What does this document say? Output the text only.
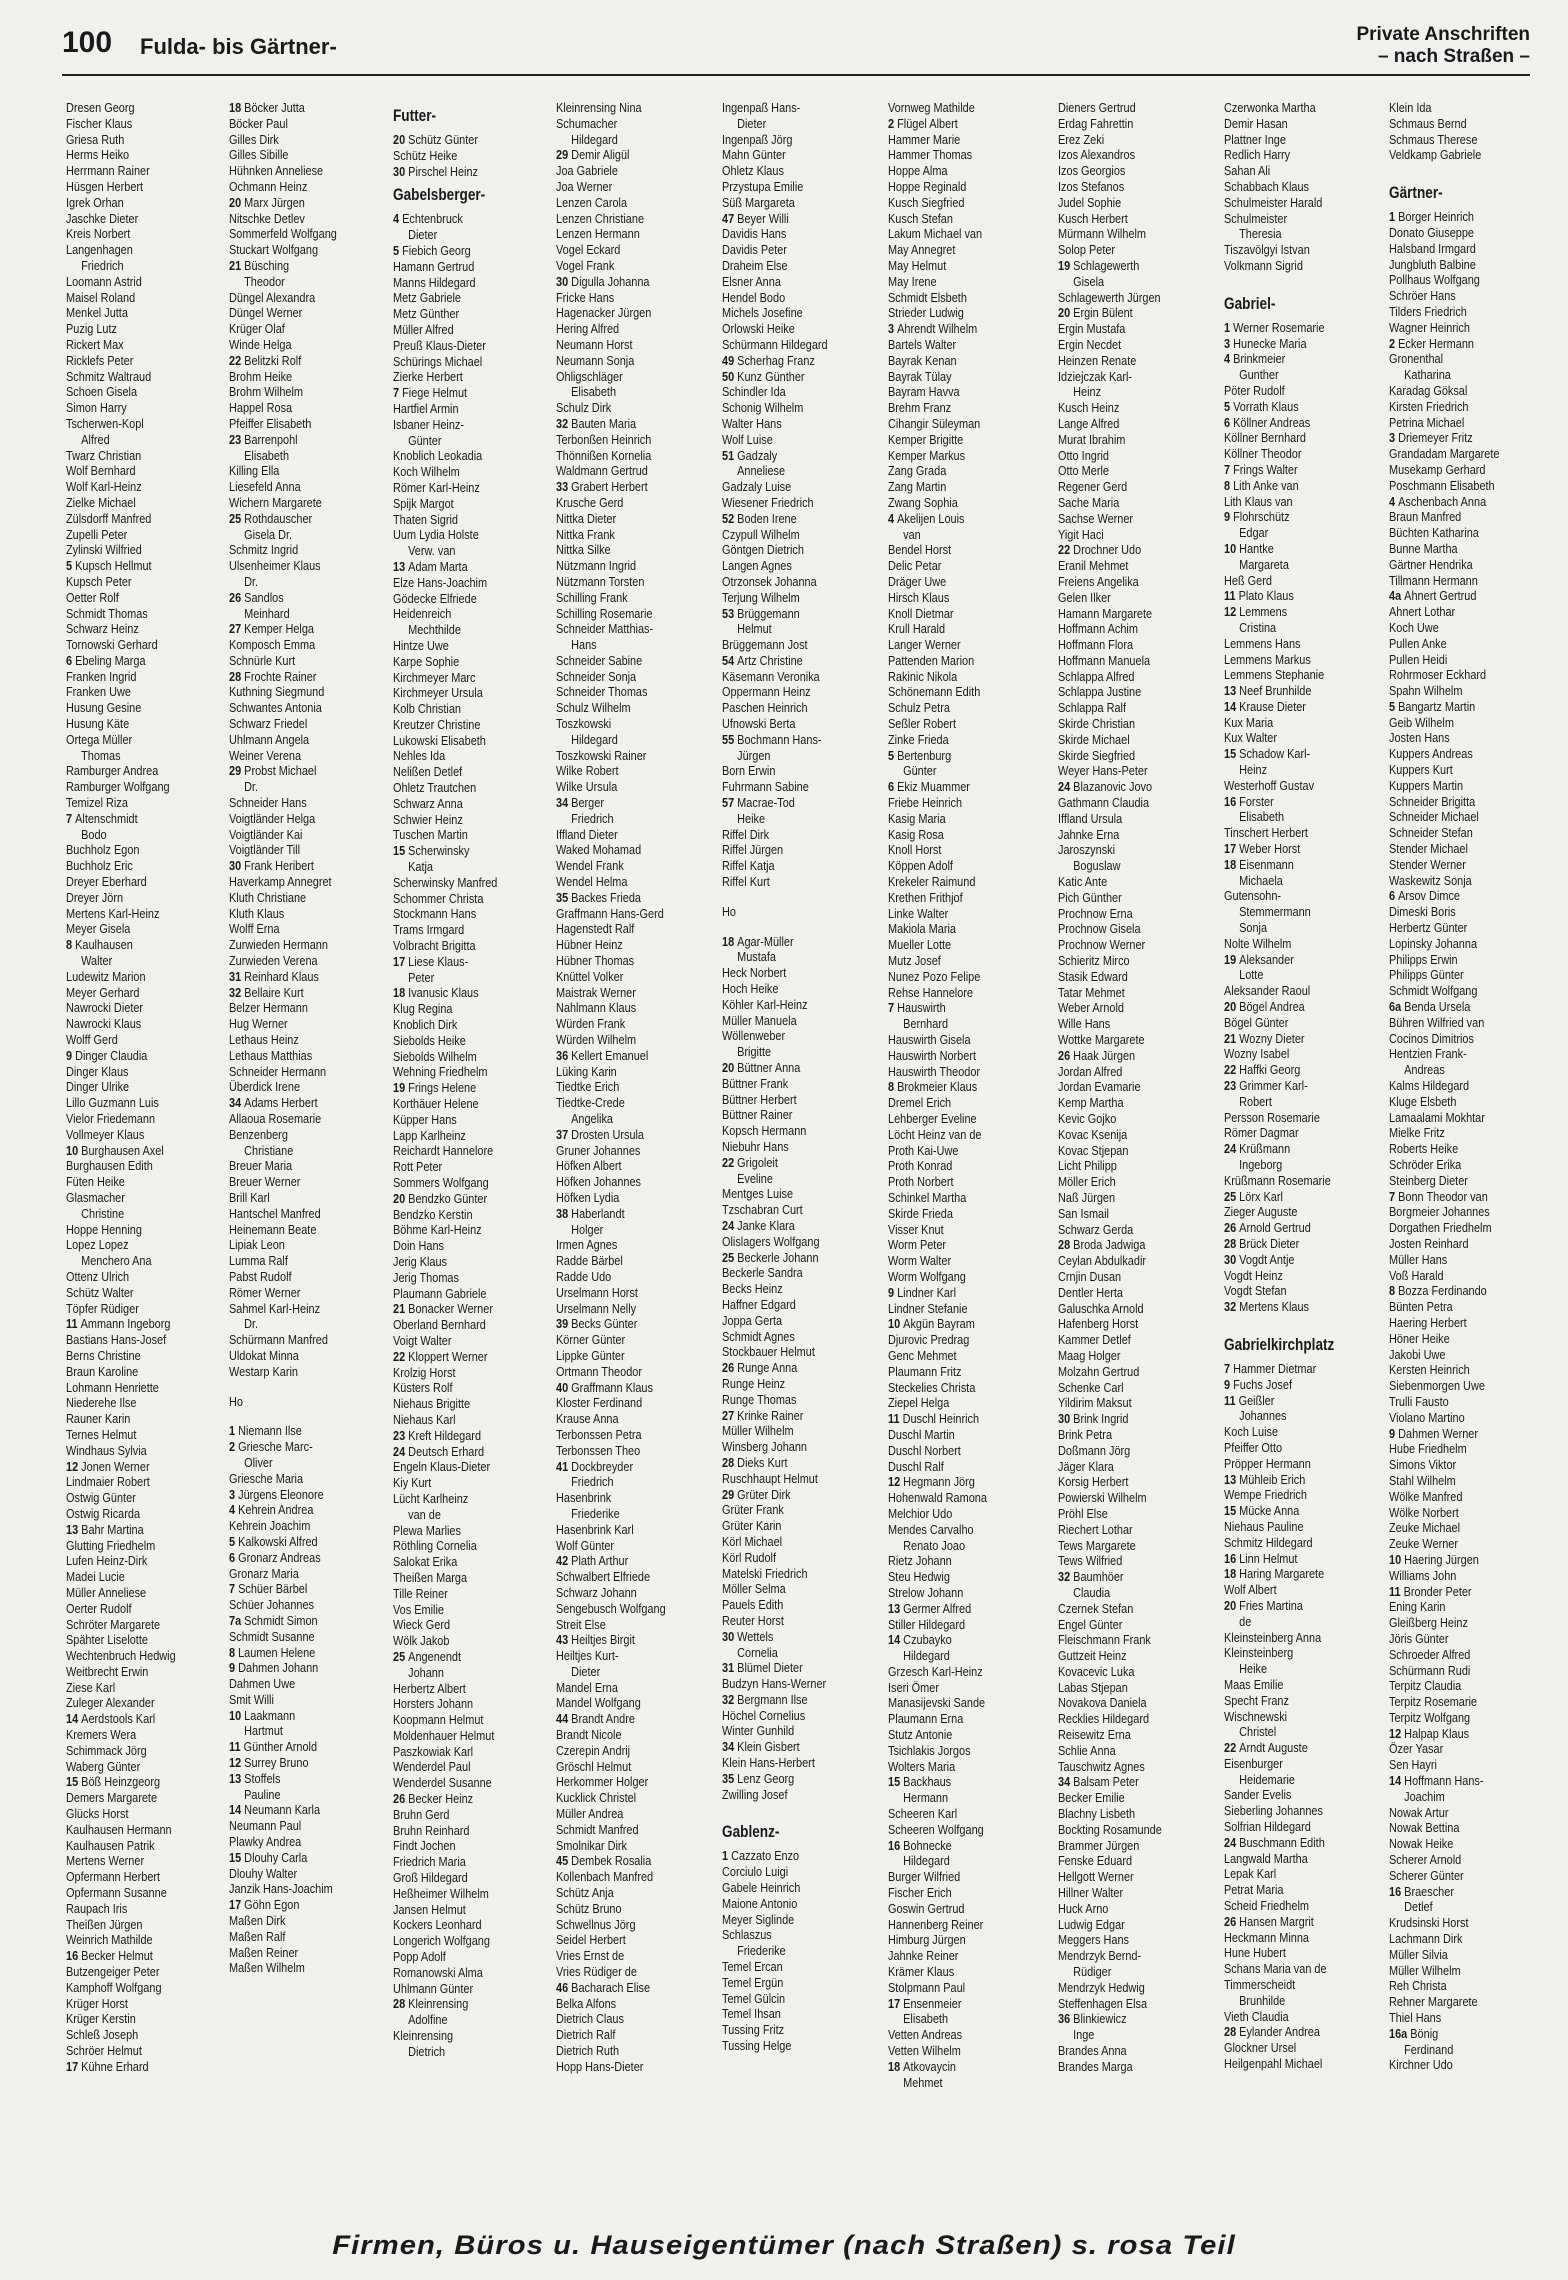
100 Fulda- bis Gärtner-	Private Anschriften
– nach Straßen –
Dresen Georg
Fischer Klaus
Griesa Ruth
Herms Heiko
Herrmann Rainer
Hüsgen Herbert
Igrek Orhan
Jaschke Dieter
Kreis Norbert
Langenhagen
Friedrich
Loomann Astrid
Maisel Roland
Menkel Jutta
Puzig Lutz
Rickert Max
Ricklefs Peter
Schmitz Waltraud
Schoen Gisela
Simon Harry
Tscherwen-Kopl
Alfred
Twarz Christian
Wolf Bernhard
Wolf Karl-Heinz
Zielke Michael
Zülsdorff Manfred
Zupelli Peter
Zylinski Wilfried
5 Kupsch Hellmut
Kupsch Peter
Oetter Rolf
Schmidt Thomas
Schwarz Heinz
Tornowski Gerhard
6 Ebeling Marga
Franken Ingrid
Franken Uwe
Husung Gesine
Husung Käte
Ortega Müller
Thomas
Ramburger Andrea
Ramburger Wolfgang
Temizel Riza
7 Altenschmidt
Bodo
Buchholz Egon
Buchholz Eric
Dreyer Eberhard
Dreyer Jörn
Mertens Karl-Heinz
Meyer Gisela
8 Kaulhausen
Walter
Ludewitz Marion
Meyer Gerhard
Nawrocki Dieter
Nawrocki Klaus
Wolff Gerd
9 Dinger Claudia
Dinger Klaus
Dinger Ulrike
Lillo Guzmann Luis
Vielor Friedemann
Vollmeyer Klaus
10 Burghausen Axel
Burghausen Edith
Füten Heike
Glasmacher
Christine
Hoppe Henning
Lopez Lopez
Menchero Ana
Ottenz Ulrich
Schütz Walter
Töpfer Rüdiger
11 Ammann Ingeborg
Bastians Hans-Josef
Berns Christine
Braun Karoline
Lohmann Henriette
Niederehe Ilse
Rauner Karin
Ternes Helmut
Windhaus Sylvia
12 Jonen Werner
Lindmaier Robert
Ostwig Günter
Ostwig Ricarda
13 Bahr Martina
Glutting Friedhelm
Lufen Heinz-Dirk
Madei Lucie
Müller Anneliese
Oerter Rudolf
Schröter Margarete
Spähter Liselotte
Wechtenbruch Hedwig
Weitbrecht Erwin
Ziese Karl
Zuleger Alexander
14 Aerdstools Karl
Kremers Wera
Schimmack Jörg
Waberg Günter
15 Böß Heinzgeorg
Demers Margarete
Glücks Horst
Kaulhausen Hermann
Kaulhausen Patrik
Mertens Werner
Opfermann Herbert
Opfermann Susanne
Raupach Iris
Theißen Jürgen
Weinrich Mathilde
16 Becker Helmut
Butzengeiger Peter
Kamphoff Wolfgang
Krüger Horst
Krüger Kerstin
Schleß Joseph
Schröer Helmut
17 Kühne Erhard
18 Böcker Jutta
Böcker Paul
Gilles Dirk
Gilles Sibille
Hühnken Anneliese
Ochmann Heinz
20 Marx Jürgen
Nitschke Detlev
Sommerfeld Wolfgang
Stuckart Wolfgang
21 Büsching
Theodor
Düngel Alexandra
Düngel Werner
Krüger Olaf
Winde Helga
22 Belitzki Rolf
Brohm Heike
Brohm Wilhelm
Happel Rosa
Pfeiffer Elisabeth
23 Barrenpohl
Elisabeth
Killing Ella
Liesefeld Anna
Wichern Margarete
25 Rothdauscher
Gisela Dr.
Schmitz Ingrid
Ulsenheimer Klaus
Dr.
26 Sandlos
Meinhard
27 Kemper Helga
Komposch Emma
Schnürle Kurt
28 Frochte Rainer
Kuthning Siegmund
Schwantes Antonia
Schwarz Friedel
Uhlmann Angela
Weiner Verena
29 Probst Michael
Dr.
Schneider Hans
Voigtländer Helga
Voigtländer Kai
Voigtländer Till
30 Frank Heribert
Haverkamp Annegret
Kluth Christiane
Kluth Klaus
Wolff Erna
Zurwieden Hermann
Zurwieden Verena
31 Reinhard Klaus
32 Bellaire Kurt
Belzer Hermann
Hug Werner
Lethaus Heinz
Lethaus Matthias
Schneider Hermann
Überdick Irene
34 Adams Herbert
Allaoua Rosemarie
Benzenberg
Christiane
Breuer Maria
Breuer Werner
Brill Karl
Hantschel Manfred
Heinemann Beate
Lipiak Leon
Lumma Ralf
Pabst Rudolf
Römer Werner
Sahmel Karl-Heinz
Dr.
Schürmann Manfred
Uldokat Minna
Westarp Karin
Ho
1 Niemann Ilse
2 Griesche Marc-
Oliver
Griesche Maria
3 Jürgens Eleonore
4 Kehrein Andrea
Kehrein Joachim
5 Kalkowski Alfred
6 Gronarz Andreas
Gronarz Maria
7 Schüer Bärbel
Schüer Johannes
7a Schmidt Simon
Schmidt Susanne
8 Laumen Helene
9 Dahmen Johann
Dahmen Uwe
Smit Willi
10 Laakmann
Hartmut
11 Günther Arnold
12 Surrey Bruno
13 Stoffels
Pauline
14 Neumann Karla
Neumann Paul
Plawky Andrea
15 Dlouhy Carla
Dlouhy Walter
Janzik Hans-Joachim
17 Göhn Egon
Maßen Dirk
Maßen Ralf
Maßen Reiner
Maßen Wilhelm
Futter-
20 Schütz Günter
Schütz Heike
30 Pirschel Heinz
Gabelsberger-
4 Echtenbruck
Dieter
5 Fiebich Georg
Hamann Gertrud
Manns Hildegard
Metz Gabriele
Metz Günther
Müller Alfred
Preuß Klaus-Dieter
Schürings Michael
Zierke Herbert
7 Fiege Helmut
Hartfiel Armin
Isbaner Heinz-
Günter
Knoblich Leokadia
Koch Wilhelm
Römer Karl-Heinz
Spijk Margot
Thaten Sigrid
Uum Lydia Holste
Verw. van
13 Adam Marta
Elze Hans-Joachim
Gödecke Elfriede
Heidenreich
Mechthilde
Hintze Uwe
Karpe Sophie
Kirchmeyer Marc
Kirchmeyer Ursula
Kolb Christian
Kreutzer Christine
Lukowski Elisabeth
Nehles Ida
Nelißen Detlef
Ohletz Trautchen
Schwarz Anna
Schwier Heinz
Tuschen Martin
15 Scherwinsky
Katja
Scherwinsky Manfred
Schommer Christa
Stockmann Hans
Trams Irmgard
Volbracht Brigitta
17 Liese Klaus-
Peter
18 Ivanusic Klaus
Klug Regina
Knoblich Dirk
Siebolds Heike
Siebolds Wilhelm
Wehning Friedhelm
19 Frings Helene
Korthäuer Helene
Küpper Hans
Lapp Karlheinz
Reichardt Hannelore
Rott Peter
Sommers Wolfgang
20 Bendzko Günter
Bendzko Kerstin
Böhme Karl-Heinz
Doin Hans
Jerig Klaus
Jerig Thomas
Plaumann Gabriele
21 Bonacker Werner
Oberland Bernhard
Voigt Walter
22 Kloppert Werner
Krolzig Horst
Küsters Rolf
Niehaus Brigitte
Niehaus Karl
23 Kreft Hildegard
24 Deutsch Erhard
Engeln Klaus-Dieter
Kiy Kurt
Lücht Karlheinz
van de
Plewa Marlies
Röthling Cornelia
Salokat Erika
Theißen Marga
Tille Reiner
Vos Emilie
Wieck Gerd
Wölk Jakob
25 Angenendt
Johann
Herbertz Albert
Horsters Johann
Koopmann Helmut
Moldenhauer Helmut
Paszkowiak Karl
Wenderdel Paul
Wenderdel Susanne
26 Becker Heinz
Bruhn Gerd
Bruhn Reinhard
Findt Jochen
Friedrich Maria
Groß Hildegard
Heßheimer Wilhelm
Jansen Helmut
Kockers Leonhard
Longerich Wolfgang
Popp Adolf
Romanowski Alma
Uhlmann Günter
28 Kleinrensing
Adolfine
Kleinrensing
Dietrich
Kleinrensing Nina
Schumacher
Hildegard
29 Demir Aligül
Joa Gabriele
Joa Werner
Lenzen Carola
Lenzen Christiane
Lenzen Hermann
Vogel Eckard
Vogel Frank
30 Digulla Johanna
Fricke Hans
Hagenacker Jürgen
Hering Alfred
Neumann Horst
Neumann Sonja
Ohligschläger
Elisabeth
Schulz Dirk
32 Bauten Maria
Terbonßen Heinrich
Thönnißen Kornelia
Waldmann Gertrud
33 Grabert Herbert
Krusche Gerd
Nittka Dieter
Nittka Frank
Nittka Silke
Nützmann Ingrid
Nützmann Torsten
Schilling Frank
Schilling Rosemarie
Schneider Matthias-
Hans
Schneider Sabine
Schneider Sonja
Schneider Thomas
Schulz Wilhelm
Toszkowski
Hildegard
Toszkowski Rainer
Wilke Robert
Wilke Ursula
34 Berger
Friedrich
Iffland Dieter
Waked Mohamad
Wendel Frank
Wendel Helma
35 Backes Frieda
Graffmann Hans-Gerd
Hagenstedt Ralf
Hübner Heinz
Hübner Thomas
Knüttel Volker
Maistrak Werner
Nahlmann Klaus
Würden Frank
Würden Wilhelm
36 Kellert Emanuel
Lüking Karin
Tiedtke Erich
Tiedtke-Crede
Angelika
37 Drosten Ursula
Gruner Johannes
Höfken Albert
Höfken Johannes
Höfken Lydia
38 Haberlandt
Holger
Irmen Agnes
Radde Bärbel
Radde Udo
Urselmann Horst
Urselmann Nelly
39 Becks Günter
Körner Günter
Lippke Günter
Ortmann Theodor
40 Graffmann Klaus
Kloster Ferdinand
Krause Anna
Terbonssen Petra
Terbonssen Theo
41 Dockbreyder
Friedrich
Hasenbrink
Friederike
Hasenbrink Karl
Wolf Günter
42 Plath Arthur
Schwalbert Elfriede
Schwarz Johann
Sengebusch Wolfgang
Streit Else
43 Heiltjes Birgit
Heiltjes Kurt-
Dieter
Mandel Erna
Mandel Wolfgang
44 Brandt Andre
Brandt Nicole
Czerepin Andrij
Gröschl Helmut
Herkommer Holger
Kucklick Christel
Müller Andrea
Schmidt Manfred
Smolnikar Dirk
45 Dembek Rosalia
Kollenbach Manfred
Schütz Anja
Schütz Bruno
Schwellnus Jörg
Seidel Herbert
Vries Ernst de
Vries Rüdiger de
46 Bacharach Elise
Belka Alfons
Dietrich Claus
Dietrich Ralf
Dietrich Ruth
Hopp Hans-Dieter
Ingenpaß Hans-
Dieter
Ingenpaß Jörg
Mahn Günter
Ohletz Klaus
Przystupa Emilie
Süß Margareta
47 Beyer Willi
Davidis Hans
Davidis Peter
Draheim Else
Elsner Anna
Hendel Bodo
Michels Josefine
Orlowski Heike
Schürmann Hildegard
49 Scherhag Franz
50 Kunz Günther
Schindler Ida
Schonig Wilhelm
Walter Hans
Wolf Luise
51 Gadzaly
Anneliese
Gadzaly Luise
Wiesener Friedrich
52 Boden Irene
Czypull Wilhelm
Göntgen Dietrich
Langen Agnes
Otrzonsek Johanna
Terjung Wilhelm
53 Brüggemann
Helmut
Brüggemann Jost
54 Artz Christine
Käsemann Veronika
Oppermann Heinz
Paschen Heinrich
Ufnowski Berta
55 Bochmann Hans-
Jürgen
Born Erwin
Fuhrmann Sabine
57 Macrae-Tod
Heike
Riffel Dirk
Riffel Jürgen
Riffel Katja
Riffel Kurt
Ho
18 Agar-Müller
Mustafa
Heck Norbert
Hoch Heike
Köhler Karl-Heinz
Müller Manuela
Wöllenweber
Brigitte
20 Büttner Anna
Büttner Frank
Büttner Herbert
Büttner Rainer
Kopsch Hermann
Niebuhr Hans
22 Grigoleit
Eveline
Mentges Luise
Tzschabran Curt
24 Janke Klara
Olislagers Wolfgang
25 Beckerle Johann
Beckerle Sandra
Becks Heinz
Haffner Edgard
Joppa Gerta
Schmidt Agnes
Stockbauer Helmut
26 Runge Anna
Runge Heinz
Runge Thomas
27 Krinke Rainer
Müller Wilhelm
Winsberg Johann
28 Dieks Kurt
Ruschhaupt Helmut
29 Grüter Dirk
Grüter Frank
Grüter Karin
Körl Michael
Körl Rudolf
Matelski Friedrich
Möller Selma
Pauels Edith
Reuter Horst
30 Wettels
Cornelia
31 Blümel Dieter
Budzyn Hans-Werner
32 Bergmann Ilse
Höchel Cornelius
Winter Gunhild
34 Klein Gisbert
Klein Hans-Herbert
35 Lenz Georg
Zwilling Josef
Gablenz-
1 Cazzato Enzo
Corciulo Luigi
Gabele Heinrich
Maione Antonio
Meyer Siglinde
Schlaszus
Friederike
Temel Ercan
Temel Ergün
Temel Gülcin
Temel Ihsan
Tussing Fritz
Tussing Helge
Vornweg Mathilde
2 Flügel Albert
Hammer Marie
Hammer Thomas
Hoppe Alma
Hoppe Reginald
Kusch Siegfried
Kusch Stefan
Lakum Michael van
May Annegret
May Helmut
May Irene
Schmidt Elsbeth
Strieder Ludwig
3 Ahrendt Wilhelm
Bartels Walter
Bayrak Kenan
Bayrak Tülay
Bayram Havva
Brehm Franz
Cihangir Süleyman
Kemper Brigitte
Kemper Markus
Zang Grada
Zang Martin
Zwang Sophia
4 Akelijen Louis
van
Bendel Horst
Delic Petar
Dräger Uwe
Hirsch Klaus
Knoll Dietmar
Krull Harald
Langer Werner
Pattenden Marion
Rakinic Nikola
Schönemann Edith
Schulz Petra
Seßler Robert
Zinke Frieda
5 Bertenburg
Günter
6 Ekiz Muammer
Friebe Heinrich
Kasig Maria
Kasig Rosa
Knoll Horst
Köppen Adolf
Krekeler Raimund
Krethen Frithjof
Linke Walter
Makiola Maria
Mueller Lotte
Mutz Josef
Nunez Pozo Felipe
Rehse Hannelore
7 Hauswirth
Bernhard
Hauswirth Gisela
Hauswirth Norbert
Hauswirth Theodor
8 Brokmeier Klaus
Dremel Erich
Lehberger Eveline
Löcht Heinz van de
Proth Kai-Uwe
Proth Konrad
Proth Norbert
Schinkel Martha
Skirde Frieda
Visser Knut
Worm Peter
Worm Walter
Worm Wolfgang
9 Lindner Karl
Lindner Stefanie
10 Akgün Bayram
Djurovic Predrag
Genc Mehmet
Plaumann Fritz
Steckelies Christa
Ziepel Helga
11 Duschl Heinrich
Duschl Martin
Duschl Norbert
Duschl Ralf
12 Hegmann Jörg
Hohenwald Ramona
Melchior Udo
Mendes Carvalho
Renato Joao
Rietz Johann
Steu Hedwig
Strelow Johann
13 Germer Alfred
Stiller Hildegard
14 Czubayko
Hildegard
Grzesch Karl-Heinz
Iseri Ömer
Manasijevski Sande
Plaumann Erna
Stutz Antonie
Tsichlakis Jorgos
Wolters Maria
15 Backhaus
Hermann
Scheeren Karl
Scheeren Wolfgang
16 Bohnecke
Hildegard
Burger Wilfried
Fischer Erich
Goswin Gertrud
Hannenberg Reiner
Himburg Jürgen
Jahnke Reiner
Krämer Klaus
Stolpmann Paul
17 Ensenmeier
Elisabeth
Vetten Andreas
Vetten Wilhelm
18 Atkovaycin
Mehmet
Dieners Gertrud
Erdag Fahrettin
Erez Zeki
Izos Alexandros
Izos Georgios
Izos Stefanos
Judel Sophie
Kusch Herbert
Mürmann Wilhelm
Solop Peter
19 Schlagewerth
Gisela
Schlagewerth Jürgen
20 Ergin Bülent
Ergin Mustafa
Ergin Necdet
Heinzen Renate
Idziejczak Karl-
Heinz
Kusch Heinz
Lange Alfred
Murat Ibrahim
Otto Ingrid
Otto Merle
Regener Gerd
Sache Maria
Sachse Werner
Yigit Haci
22 Drochner Udo
Eranil Mehmet
Freiens Angelika
Gelen Ilker
Hamann Margarete
Hoffmann Achim
Hoffmann Flora
Hoffmann Manuela
Schlappa Alfred
Schlappa Justine
Schlappa Ralf
Skirde Christian
Skirde Michael
Skirde Siegfried
Weyer Hans-Peter
24 Blazanovic Jovo
Gathmann Claudia
Iffland Ursula
Jahnke Erna
Jaroszynski
Boguslaw
Katic Ante
Pich Günther
Prochnow Erna
Prochnow Gisela
Prochnow Werner
Schieritz Mirco
Stasik Edward
Tatar Mehmet
Weber Arnold
Wille Hans
Wottke Margarete
26 Haak Jürgen
Jordan Alfred
Jordan Evamarie
Kemp Martha
Kevic Gojko
Kovac Ksenija
Kovac Stjepan
Licht Philipp
Möller Erich
Naß Jürgen
San Ismail
Schwarz Gerda
28 Broda Jadwiga
Ceylan Abdulkadir
Crnjin Dusan
Dentler Herta
Galuschka Arnold
Hafenberg Horst
Kammer Detlef
Maag Holger
Molzahn Gertrud
Schenke Carl
Yildirim Maksut
30 Brink Ingrid
Brink Petra
Doßmann Jörg
Jäger Klara
Korsig Herbert
Powierski Wilhelm
Pröhl Else
Riechert Lothar
Tews Margarete
Tews Wilfried
32 Baumhöer
Claudia
Czernek Stefan
Engel Günter
Fleischmann Frank
Guttzeit Heinz
Kovacevic Luka
Labas Stjepan
Novakova Daniela
Recklies Hildegard
Reisewitz Erna
Schlie Anna
Tauschwitz Agnes
34 Balsam Peter
Becker Emilie
Blachny Lisbeth
Bockting Rosamunde
Brammer Jürgen
Fenske Eduard
Hellgott Werner
Hillner Walter
Huck Arno
Ludwig Edgar
Meggers Hans
Mendrzyk Bernd-
Rüdiger
Mendrzyk Hedwig
Steffenhagen Elsa
36 Blinkiewicz
Inge
Brandes Anna
Brandes Marga
Czerwonka Martha
Demir Hasan
Plattner Inge
Redlich Harry
Sahan Ali
Schabbach Klaus
Schulmeister Harald
Schulmeister
Theresia
Tiszavölgyi Istvan
Volkmann Sigrid
Gabriel-
1 Werner Rosemarie
3 Hunecke Maria
4 Brinkmeier
Gunther
Pöter Rudolf
5 Vorrath Klaus
6 Köllner Andreas
Köllner Bernhard
Köllner Theodor
7 Frings Walter
8 Lith Anke van
Lith Klaus van
9 Flohrschütz
Edgar
10 Hantke
Margareta
Heß Gerd
11 Plato Klaus
12 Lemmens
Cristina
Lemmens Hans
Lemmens Markus
Lemmens Stephanie
13 Neef Brunhilde
14 Krause Dieter
Kux Maria
Kux Walter
15 Schadow Karl-
Heinz
Westerhoff Gustav
16 Forster
Elisabeth
Tinschert Herbert
17 Weber Horst
18 Eisenmann
Michaela
Gutensohn-
Stemmermann
Sonja
Nolte Wilhelm
19 Aleksander
Lotte
Aleksander Raoul
20 Bögel Andrea
Bögel Günter
21 Wozny Dieter
Wozny Isabel
22 Haffki Georg
23 Grimmer Karl-
Robert
Persson Rosemarie
Römer Dagmar
24 Krüßmann
Ingeborg
Krüßmann Rosemarie
25 Lörx Karl
Zieger Auguste
26 Arnold Gertrud
28 Brück Dieter
30 Vogdt Antje
Vogdt Heinz
Vogdt Stefan
32 Mertens Klaus
Gabrielkirchplatz
7 Hammer Dietmar
9 Fuchs Josef
11 Geißler
Johannes
Koch Luise
Pfeiffer Otto
Pröpper Hermann
13 Mühleib Erich
Wempe Friedrich
15 Mücke Anna
Niehaus Pauline
Schmitz Hildegard
16 Linn Helmut
18 Haring Margarete
Wolf Albert
20 Fries Martina
de
Kleinsteinberg Anna
Kleinsteinberg
Heike
Maas Emilie
Specht Franz
Wischnewski
Christel
22 Arndt Auguste
Eisenburger
Heidemarie
Sander Evelis
Sieberling Johannes
Solfrian Hildegard
24 Buschmann Edith
Langwald Martha
Lepak Karl
Petrat Maria
Scheid Friedhelm
26 Hansen Margrit
Heckmann Minna
Hune Hubert
Schans Maria van de
Timmerscheidt
Brunhilde
Vieth Claudia
28 Eylander Andrea
Glockner Ursel
Heilgenpahl Michael
Klein Ida
Schmaus Bernd
Schmaus Therese
Veldkamp Gabriele
Gärtner-
1 Borger Heinrich
Donato Giuseppe
Halsband Irmgard
Jungbluth Balbine
Pollhaus Wolfgang
Schröer Hans
Tilders Friedrich
Wagner Heinrich
2 Ecker Hermann
Gronenthal
Katharina
Karadag Göksal
Kirsten Friedrich
Petrina Michael
3 Driemeyer Fritz
Grandadam Margarete
Musekamp Gerhard
Poschmann Elisabeth
4 Aschenbach Anna
Braun Manfred
Büchten Katharina
Bunne Martha
Gärtner Hendrika
Tillmann Hermann
4a Ahnert Gertrud
Ahnert Lothar
Koch Uwe
Pullen Anke
Pullen Heidi
Rohrmoser Eckhard
Spahn Wilhelm
5 Bangartz Martin
Geib Wilhelm
Josten Hans
Kuppers Andreas
Kuppers Kurt
Kuppers Martin
Schneider Brigitta
Schneider Michael
Schneider Stefan
Stender Michael
Stender Werner
Waskewitz Sonja
6 Arsov Dimce
Dimeski Boris
Herbertz Günter
Lopinsky Johanna
Philipps Erwin
Philipps Günter
Schmidt Wolfgang
6a Benda Ursela
Bühren Wilfried van
Cocinos Dimitrios
Hentzien Frank-
Andreas
Kalms Hildegard
Kluge Elsbeth
Lamaalami Mokhtar
Mielke Fritz
Roberts Heike
Schröder Erika
Steinberg Dieter
7 Bonn Theodor van
Borgmeier Johannes
Dorgathen Friedhelm
Josten Reinhard
Müller Hans
Voß Harald
8 Bozza Ferdinando
Bünten Petra
Haering Herbert
Höner Heike
Jakobi Uwe
Kersten Heinrich
Siebenmorgen Uwe
Trulli Fausto
Violano Martino
9 Dahmen Werner
Hube Friedhelm
Simons Viktor
Stahl Wilhelm
Wölke Manfred
Wölke Norbert
Zeuke Michael
Zeuke Werner
10 Haering Jürgen
Williams John
11 Bronder Peter
Ening Karin
Gleißberg Heinz
Jöris Günter
Schroeder Alfred
Schürmann Rudi
Terpitz Claudia
Terpitz Rosemarie
Terpitz Wolfgang
12 Halpap Klaus
Özer Yasar
Sen Hayri
14 Hoffmann Hans-
Joachim
Nowak Artur
Nowak Bettina
Nowak Heike
Scherer Arnold
Scherer Günter
16 Braescher
Detlef
Krudsinski Horst
Lachmann Dirk
Müller Silvia
Müller Wilhelm
Reh Christa
Rehner Margarete
Thiel Hans
16a Bönig
Ferdinand
Kirchner Udo
Firmen, Büros u. Hauseigentümer (nach Straßen) s. rosa Teil
